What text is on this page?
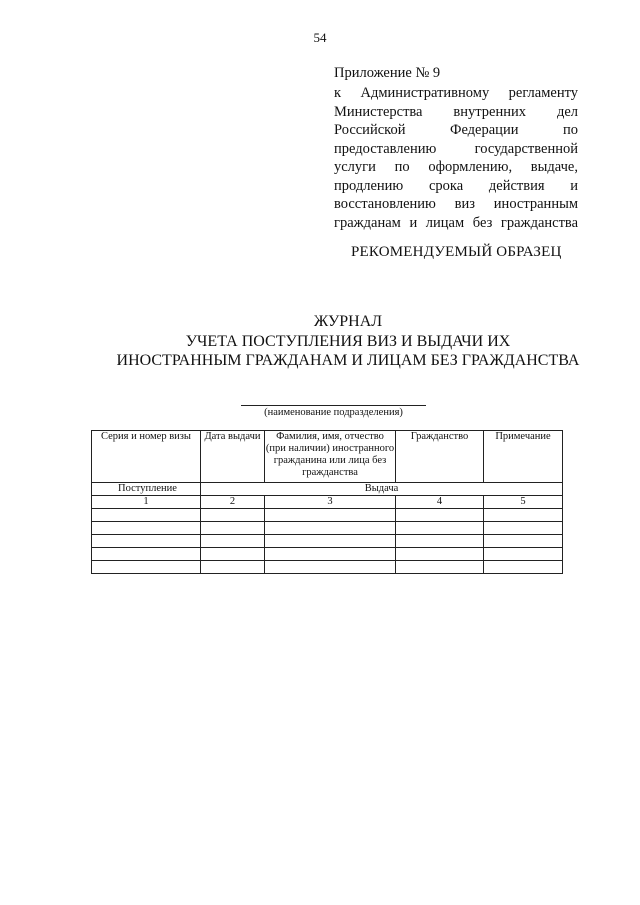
54
Приложение № 9
к Административному регламенту
Министерства внутренних дел
Российской Федерации по
предоставлению государственной
услуги по оформлению, выдаче,
продлению срока действия и
восстановлению виз иностранным
гражданам и лицам без гражданства
РЕКОМЕНДУЕМЫЙ ОБРАЗЕЦ
ЖУРНАЛ
УЧЕТА ПОСТУПЛЕНИЯ ВИЗ И ВЫДАЧИ ИХ
ИНОСТРАННЫМ ГРАЖДАНАМ И ЛИЦАМ БЕЗ ГРАЖДАНСТВА
(наименование подразделения)
Серия и номер визы	Дата выдачи	Фамилия, имя, отчество (при наличии) иностранного гражданина или лица без гражданства	Гражданство	Примечание
Поступление	Выдача			
1	2	3	4	5
